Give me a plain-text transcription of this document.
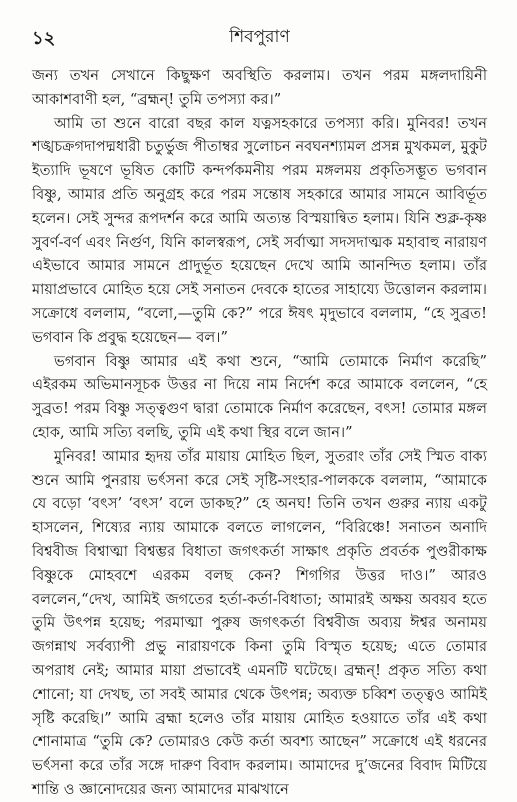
১২	শিবপুরাণ

জন্য তখন সেখানে কিছুক্ষণ অবস্থিতি করলাম। তখন পরম মঙ্গলদায়িনী আকাশবাণী হল, “ব্রহ্মন্! তুমি তপস্যা কর।”

আমি তা শুনে বারো বছর কাল যত্নসহকারে তপস্যা করি। মুনিবর! তখন শঙ্খচক্রগদাপদ্মধারী চতুর্ভুজ পীতাম্বর সুলোচন নবঘনশ্যামল প্রসন্ন মুখকমল, মুকুট ইত্যাদি ভূষণে ভূষিত কোটি কন্দর্পকমনীয় পরম মঙ্গলময় প্রকৃতিসম্ভূত ভগবান বিষ্ণু, আমার প্রতি অনুগ্রহ করে পরম সন্তোষ সহকারে আমার সামনে আবির্ভূত হলেন। সেই সুন্দর রূপদর্শন করে আমি অত্যন্ত বিস্ময়ান্বিত হলাম। যিনি শুক্ল-কৃষ্ণ সুবর্ণ-বর্ণ এবং নির্গুণ, যিনি কালস্বরূপ, সেই সর্বাত্মা সদসদাত্মক মহাবাহু নারায়ণ এইভাবে আমার সামনে প্রাদুর্ভূত হয়েছেন দেখে আমি আনন্দিত হলাম। তাঁর মায়াপ্রভাবে মোহিত হয়ে সেই সনাতন দেবকে হাতের সাহায্যে উত্তোলন করলাম। সক্রোধে বললাম, “বলো,—তুমি কে?” পরে ঈষৎ মৃদুভাবে বললাম, “হে সুব্রত! ভগবান কি প্রবুদ্ধ হয়েছেন— বল।”

ভগবান বিষ্ণু আমার এই কথা শুনে, “আমি তোমাকে নির্মাণ করেছি” এইরকম অভিমানসূচক উত্তর না দিয়ে নাম নির্দেশ করে আমাকে বললেন, “হে সুব্রত! পরম বিষ্ণু সত্ত্বগুণ দ্বারা তোমাকে নির্মাণ করেছেন, বৎস! তোমার মঙ্গল হোক, আমি সত্যি বলছি, তুমি এই কথা স্থির বলে জান।”

মুনিবর! আমার হৃদয় তাঁর মায়ায় মোহিত ছিল, সুতরাং তাঁর সেই স্মিত বাক্য শুনে আমি পুনরায় ভর্ৎসনা করে সেই সৃষ্টি-সংহার-পালককে বললাম, “আমাকে যে বড়ো ‘বৎস’ ‘বৎস’ বলে ডাকছ?” হে অনঘ! তিনি তখন গুরুর ন্যায় একটু হাসলেন, শিষ্যের ন্যায় আমাকে বলতে লাগলেন, “বিরিঞ্চে! সনাতন অনাদি বিশ্ববীজ বিশ্বাত্মা বিশ্বম্ভর বিধাতা জগৎকর্তা সাক্ষাৎ প্রকৃতি প্রবর্তক পুণ্ডরীকাক্ষ বিষ্ণুকে মোহবশে এরকম বলছ কেন? শিগগির উত্তর দাও।” আরও বললেন,“দেখ, আমিই জগতের হর্তা-কর্তা-বিধাতা; আমারই অক্ষয় অবয়ব হতে তুমি উৎপন্ন হয়েছ; পরমাত্মা পুরুষ জগৎকর্তা বিশ্ববীজ অব্যয় ঈশ্বর অনাময় জগন্নাথ সর্বব্যাপী প্রভু নারায়ণকে কিনা তুমি বিস্মৃত হয়েছ; এতে তোমার অপরাধ নেই; আমার মায়া প্রভাবেই এমনটি ঘটেছে। ব্রহ্মন্! প্রকৃত সত্যি কথা শোনো; যা দেখছ, তা সবই আমার থেকে উৎপন্ন; অব্যক্ত চব্বিশ তত্ত্বও আমিই সৃষ্টি করেছি।” আমি ব্রহ্মা হলেও তাঁর মায়ায় মোহিত হওয়াতে তাঁর এই কথা শোনামাত্র “তুমি কে? তোমারও কেউ কর্তা অবশ্য আছেন” সক্রোধে এই ধরনের ভর্ৎসনা করে তাঁর সঙ্গে দারুণ বিবাদ করলাম। আমাদের দু’জনের বিবাদ মিটিয়ে শান্তি ও জ্ঞানোদয়ের জন্য আমাদের মাঝখানে
